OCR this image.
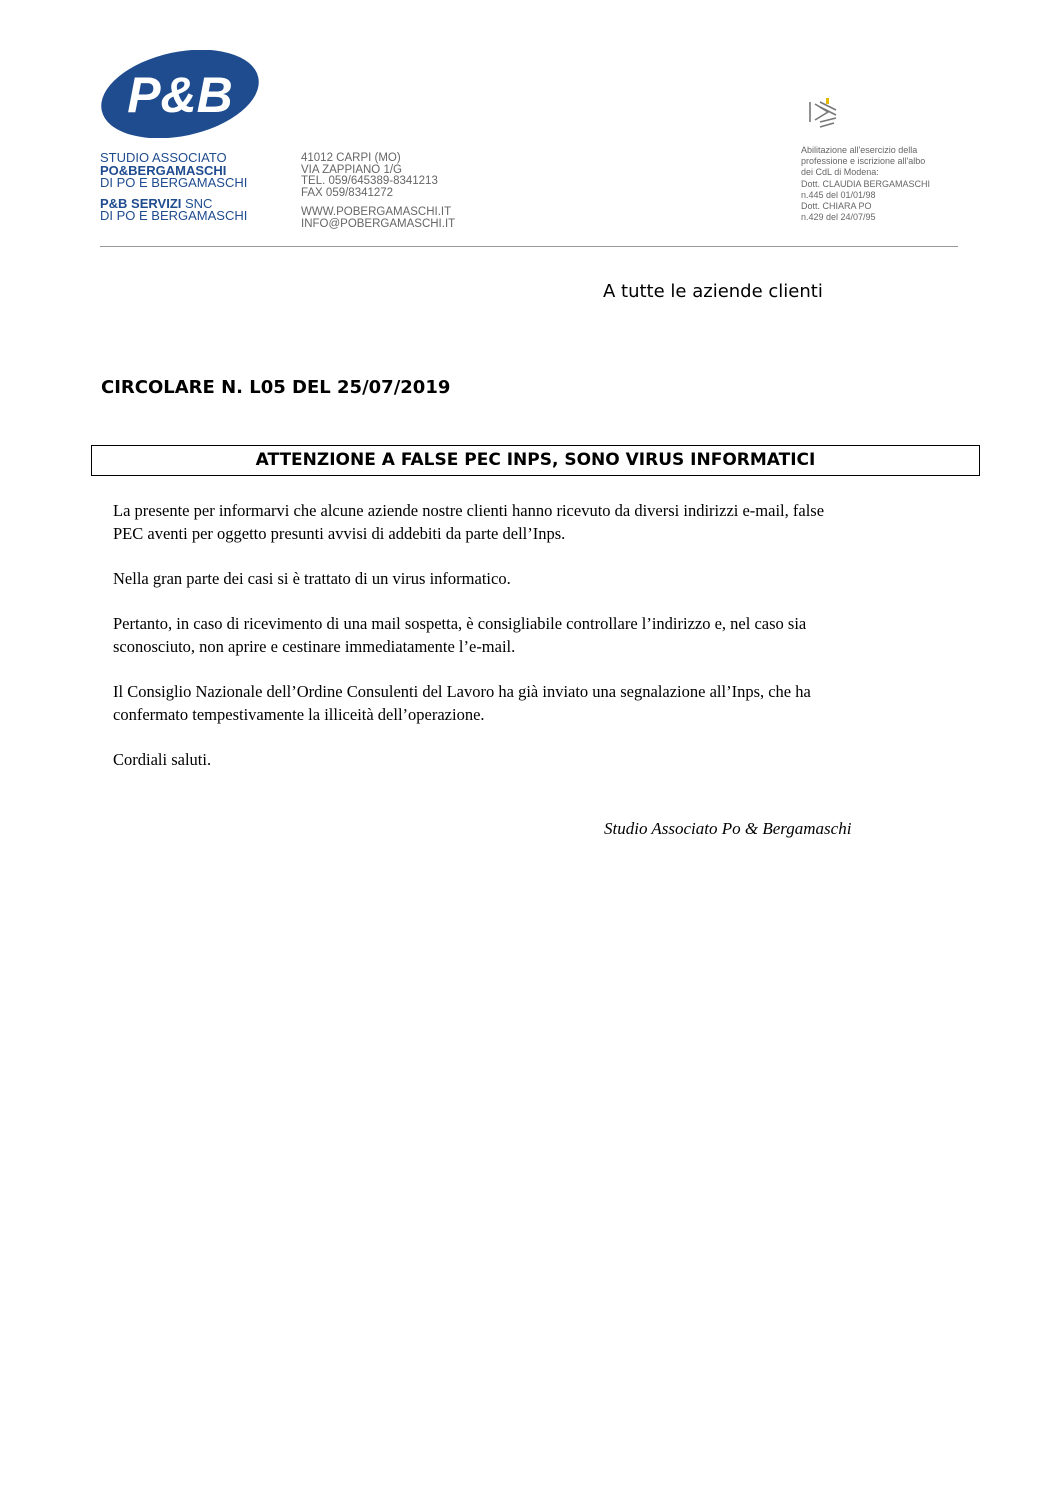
P&B
STUDIO ASSOCIATO
PO&BERGAMASCHI
DI PO E BERGAMASCHI
P&B SERVIZI SNC
DI PO E BERGAMASCHI
41012 CARPI (MO)
VIA ZAPPIANO 1/G
TEL. 059/645389-8341213
FAX 059/8341272
WWW.POBERGAMASCHI.IT
INFO@POBERGAMASCHI.IT
Abilitazione all'esercizio della
professione e iscrizione all'albo
dei CdL di Modena:
Dott. CLAUDIA BERGAMASCHI
n.445 del 01/01/98
Dott. CHIARA PO
n.429 del 24/07/95
A tutte le aziende clienti
CIRCOLARE N. L05 DEL 25/07/2019
ATTENZIONE A FALSE PEC INPS, SONO VIRUS INFORMATICI
La presente per informarvi che alcune aziende nostre clienti hanno ricevuto da diversi indirizzi e-mail, false
PEC aventi per oggetto presunti avvisi di addebiti da parte dell’Inps.
Nella gran parte dei casi si è trattato di un virus informatico.
Pertanto, in caso di ricevimento di una mail sospetta, è consigliabile controllare l’indirizzo e, nel caso sia
sconosciuto, non aprire e cestinare immediatamente l’e-mail.
Il Consiglio Nazionale dell’Ordine Consulenti del Lavoro ha già inviato una segnalazione all’Inps, che ha
confermato tempestivamente la illiceità dell’operazione.
Cordiali saluti.
Studio Associato Po & Bergamaschi
